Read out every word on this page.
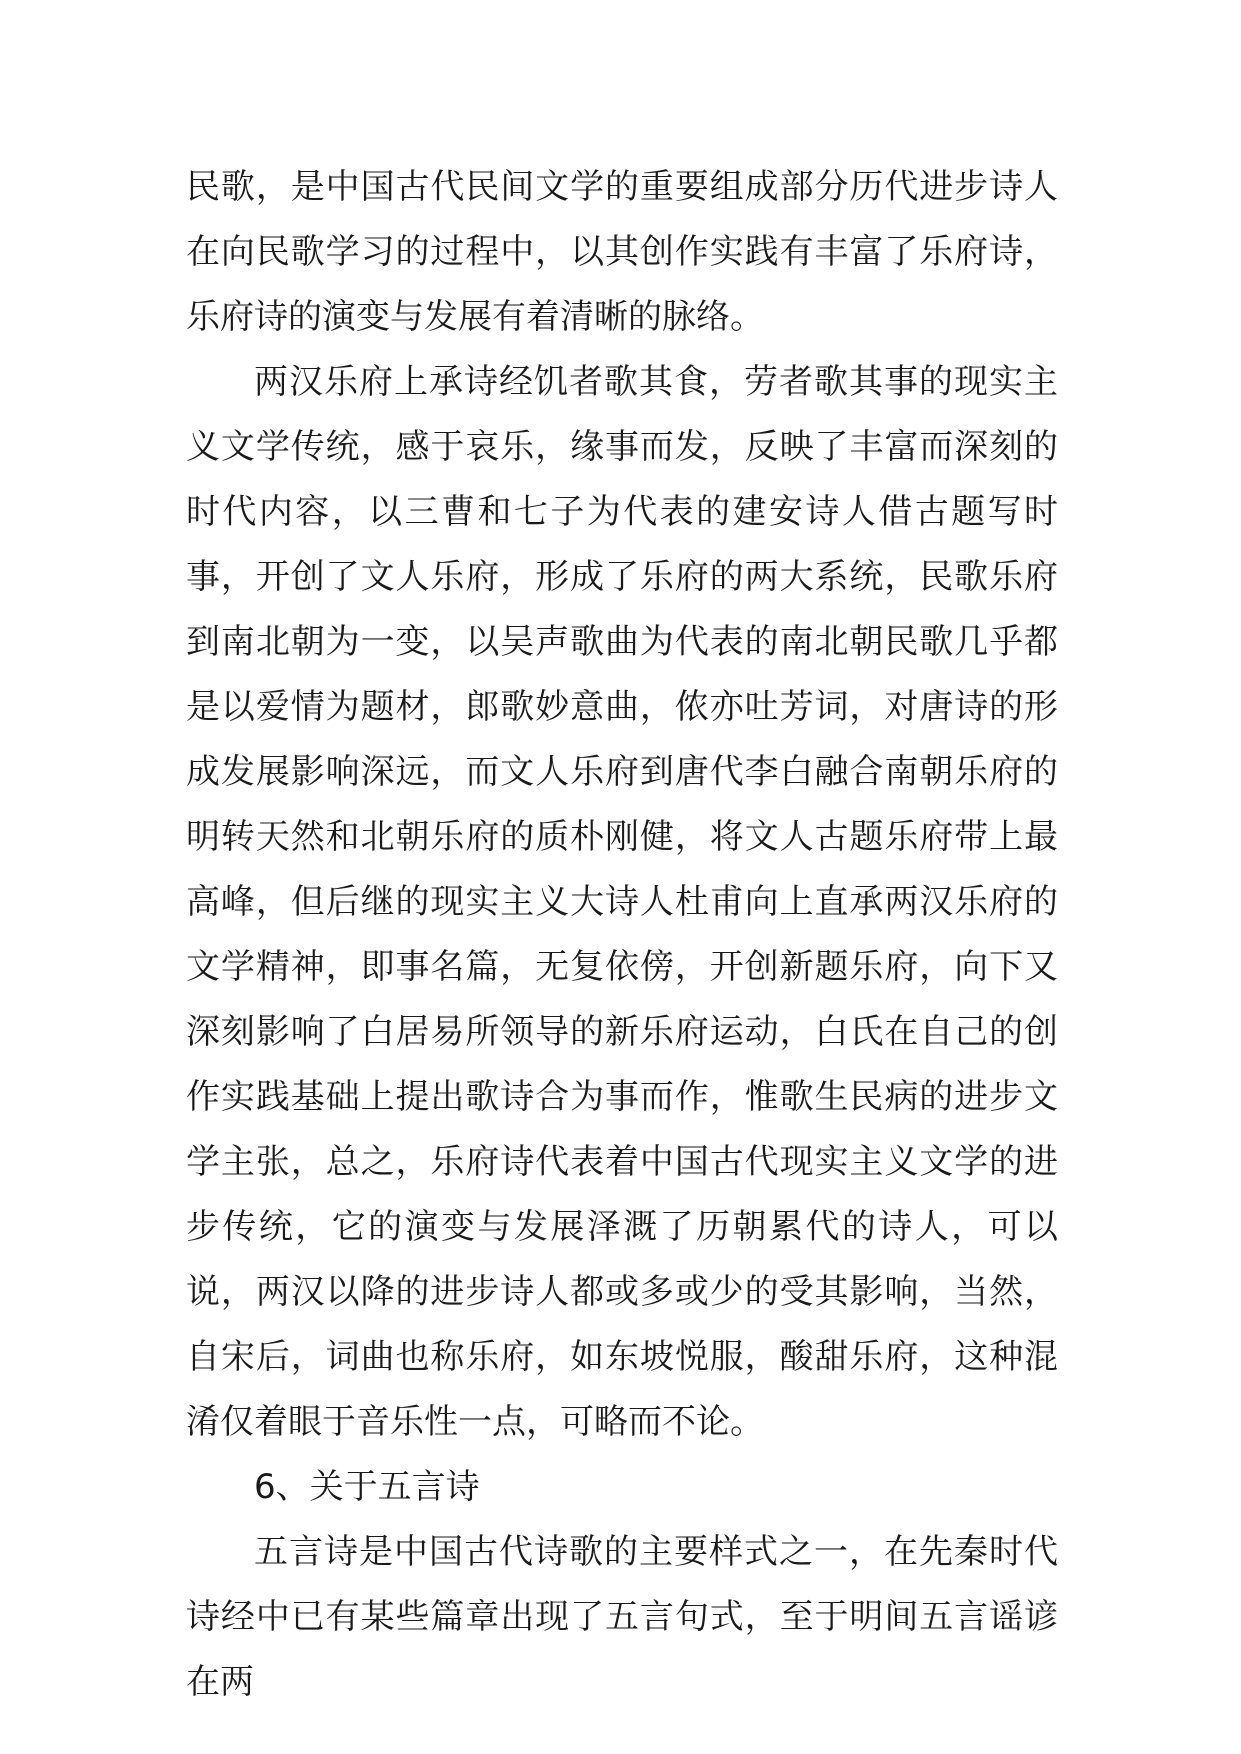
民歌，是中国古代民间文学的重要组成部分历代进步诗人在向民歌学习的过程中，以其创作实践有丰富了乐府诗，乐府诗的演变与发展有着清晰的脉络。

两汉乐府上承诗经饥者歌其食，劳者歌其事的现实主义文学传统，感于哀乐，缘事而发，反映了丰富而深刻的时代内容，以三曹和七子为代表的建安诗人借古题写时事，开创了文人乐府，形成了乐府的两大系统，民歌乐府到南北朝为一变，以吴声歌曲为代表的南北朝民歌几乎都是以爱情为题材，郎歌妙意曲，侬亦吐芳词，对唐诗的形成发展影响深远，而文人乐府到唐代李白融合南朝乐府的明转天然和北朝乐府的质朴刚健，将文人古题乐府带上最高峰，但后继的现实主义大诗人杜甫向上直承两汉乐府的文学精神，即事名篇，无复依傍，开创新题乐府，向下又深刻影响了白居易所领导的新乐府运动，白氏在自己的创作实践基础上提出歌诗合为事而作，惟歌生民病的进步文学主张，总之，乐府诗代表着中国古代现实主义文学的进步传统，它的演变与发展泽溉了历朝累代的诗人，可以说，两汉以降的进步诗人都或多或少的受其影响，当然，自宋后，词曲也称乐府，如东坡悦服，酸甜乐府，这种混淆仅着眼于音乐性一点，可略而不论。

6、关于五言诗

五言诗是中国古代诗歌的主要样式之一，在先秦时代诗经中已有某些篇章出现了五言句式，至于明间五言谣谚在两
